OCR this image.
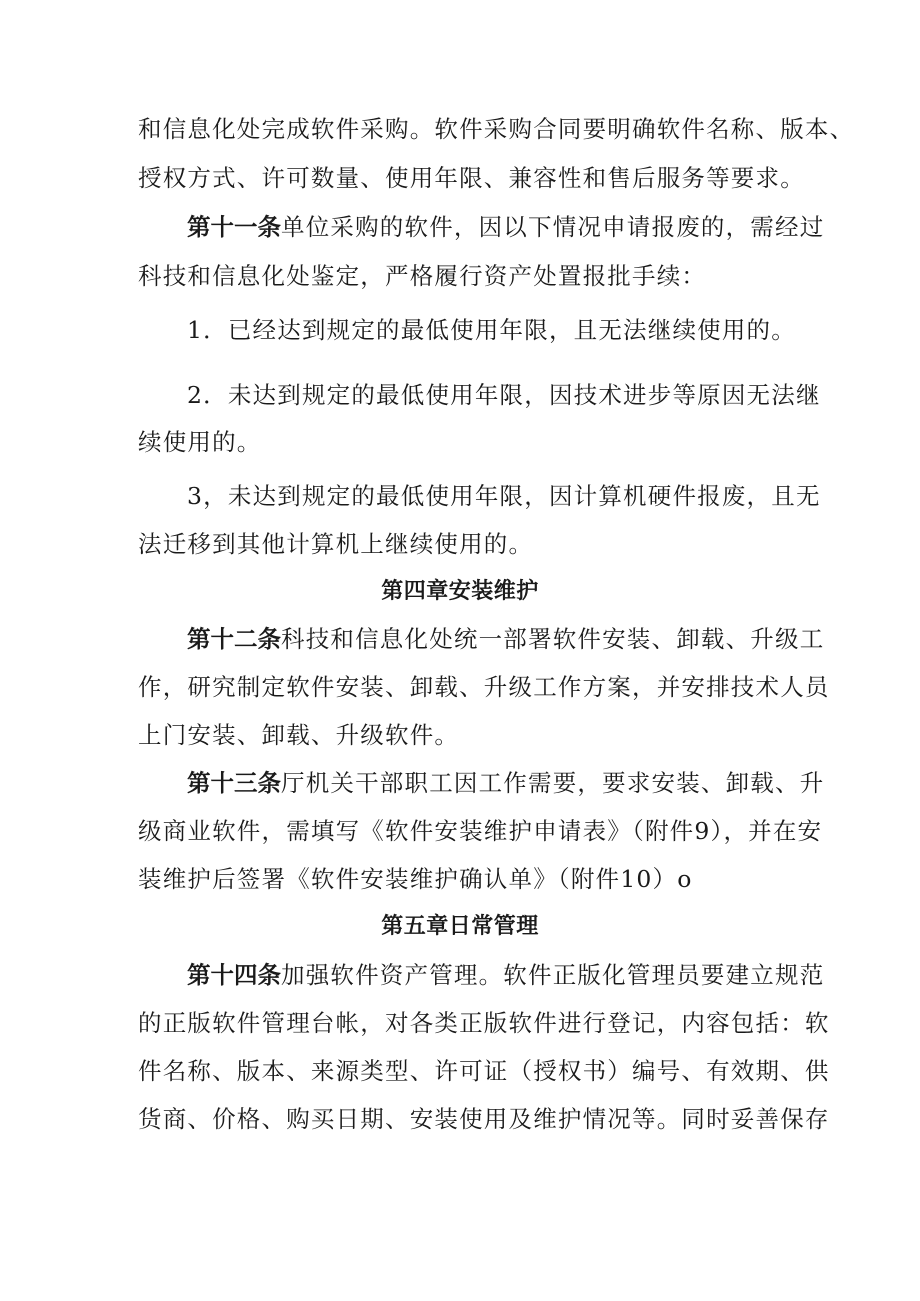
和信息化处完成软件采购。软件采购合同要明确软件名称、版本、
授权方式、许可数量、使用年限、兼容性和售后服务等要求。
第十一条单位采购的软件，因以下情况申请报废的，需经过
科技和信息化处鉴定，严格履行资产处置报批手续：
1．已经达到规定的最低使用年限，且无法继续使用的。
2．未达到规定的最低使用年限，因技术进步等原因无法继
续使用的。
3，未达到规定的最低使用年限，因计算机硬件报废，且无
法迁移到其他计算机上继续使用的。
第四章安装维护
第十二条科技和信息化处统一部署软件安装、卸载、升级工
作，研究制定软件安装、卸载、升级工作方案，并安排技术人员
上门安装、卸载、升级软件。
第十三条厅机关干部职工因工作需要，要求安装、卸载、升
级商业软件，需填写《软件安装维护申请表》（附件9），并在安
装维护后签署《软件安装维护确认单》（附件10）o
第五章日常管理
第十四条加强软件资产管理。软件正版化管理员要建立规范
的正版软件管理台帐，对各类正版软件进行登记，内容包括：软
件名称、版本、来源类型、许可证（授权书）编号、有效期、供
货商、价格、购买日期、安装使用及维护情况等。同时妥善保存
